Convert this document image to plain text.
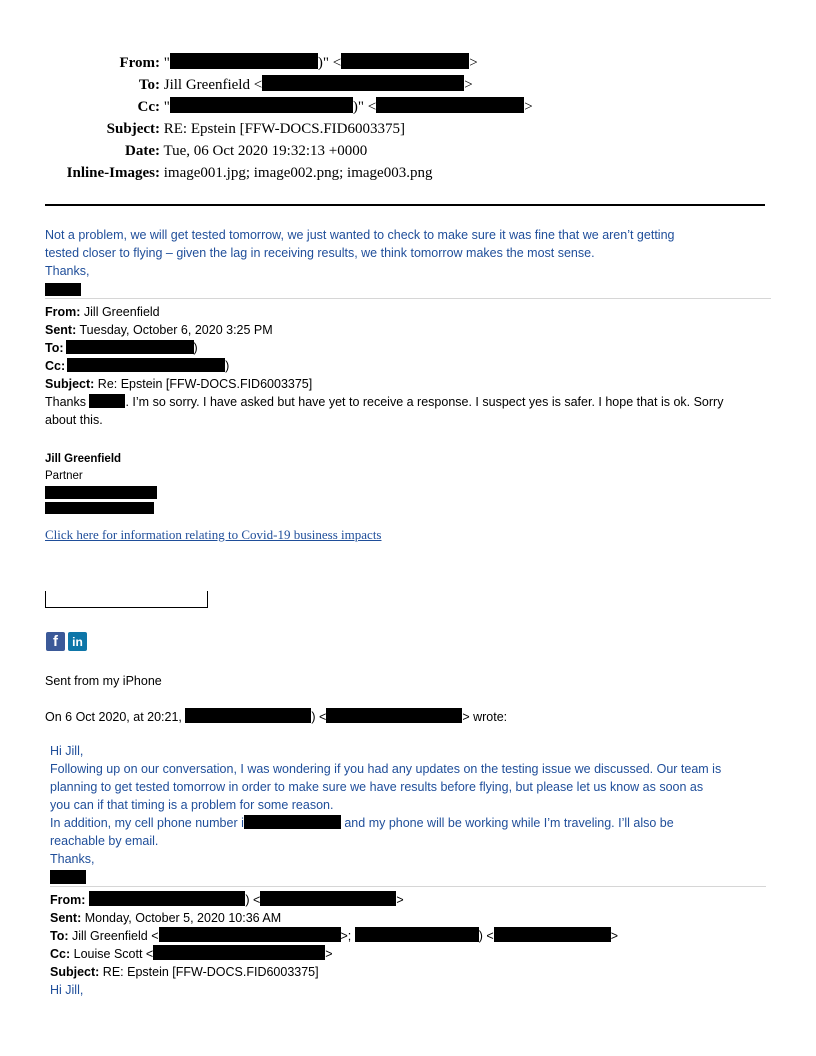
From: "	)" <	>
To: Jill Greenfield <	>
Cc: "	)" <	>
Subject: RE: Epstein [FFW-DOCS.FID6003375]
Date: Tue, 06 Oct 2020 19:32:13 +0000
Inline-Images: image001.jpg; image002.png; image003.png
Not a problem, we will get tested tomorrow, we just wanted to check to make sure it was fine that we aren’t getting
tested closer to flying – given the lag in receiving results, we think tomorrow makes the most sense.
Thanks,
From: Jill Greenfield
Sent: Tuesday, October 6, 2020 3:25 PM
To:	)
Cc:	)
Subject: Re: Epstein [FFW-DOCS.FID6003375]
Thanks	. I’m so sorry. I have asked but have yet to receive a response. I suspect yes is safer. I hope that is ok. Sorry
about this.
Jill Greenfield
Partner
Click here for information relating to Covid-19 business impacts
f	in
Sent from my iPhone
On 6 Oct 2020, at 20:21,	) <	> wrote:
Hi Jill,
Following up on our conversation, I was wondering if you had any updates on the testing issue we discussed. Our team is
planning to get tested tomorrow in order to make sure we have results before flying, but please let us know as soon as
you can if that timing is a problem for some reason.
In addition, my cell phone number i	and my phone will be working while I’m traveling. I’ll also be
reachable by email.
Thanks,
From:	) <	>
Sent: Monday, October 5, 2020 10:36 AM
To: Jill Greenfield <	>;	) <	>
Cc: Louise Scott <	>
Subject: RE: Epstein [FFW-DOCS.FID6003375]
Hi Jill,
